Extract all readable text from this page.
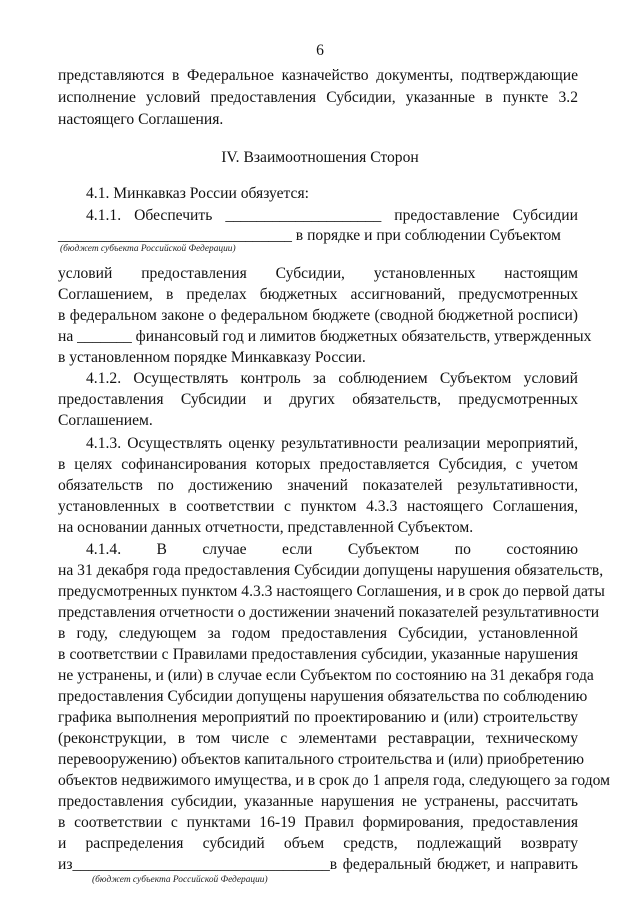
6
представляются в Федеральное казначейство документы, подтверждающие
исполнение условий предоставления Субсидии, указанные в пункте 3.2
настоящего Соглашения.
IV. Взаимоотношения Сторон
4.1. Минкавказ России обязуется:
4.1.1. Обеспечить ____________________ предоставление Субсидии
______________________________ в порядке и при соблюдении Субъектом
(бюджет субъекта Российской Федерации)
условий предоставления Субсидии, установленных настоящим
Соглашением, в пределах бюджетных ассигнований, предусмотренных
в федеральном законе о федеральном бюджете (сводной бюджетной росписи)
на _______ финансовый год и лимитов бюджетных обязательств, утвержденных
в установленном порядке Минкавказу России.
4.1.2. Осуществлять контроль за соблюдением Субъектом условий
предоставления Субсидии и других обязательств, предусмотренных
Соглашением.
4.1.3. Осуществлять оценку результативности реализации мероприятий,
в целях софинансирования которых предоставляется Субсидия, с учетом
обязательств по достижению значений показателей результативности,
установленных в соответствии с пунктом 4.3.3 настоящего Соглашения,
на основании данных отчетности, представленной Субъектом.
4.1.4. В случае если Субъектом по состоянию
на 31 декабря года предоставления Субсидии допущены нарушения обязательств,
предусмотренных пунктом 4.3.3 настоящего Соглашения, и в срок до первой даты
представления отчетности о достижении значений показателей результативности
в году, следующем за годом предоставления Субсидии, установленной
в соответствии с Правилами предоставления субсидии, указанные нарушения
не устранены, и (или) в случае если Субъектом по состоянию на 31 декабря года
предоставления Субсидии допущены нарушения обязательства по соблюдению
графика выполнения мероприятий по проектированию и (или) строительству
(реконструкции, в том числе с элементами реставрации, техническому
перевооружению) объектов капитального строительства и (или) приобретению
объектов недвижимого имущества, и в срок до 1 апреля года, следующего за годом
предоставления субсидии, указанные нарушения не устранены, рассчитать
в соответствии с пунктами 16-19 Правил формирования, предоставления
и распределения субсидий объем средств, подлежащий возврату
из_________________________________в федеральный бюджет, и направить
(бюджет субъекта Российской Федерации)
